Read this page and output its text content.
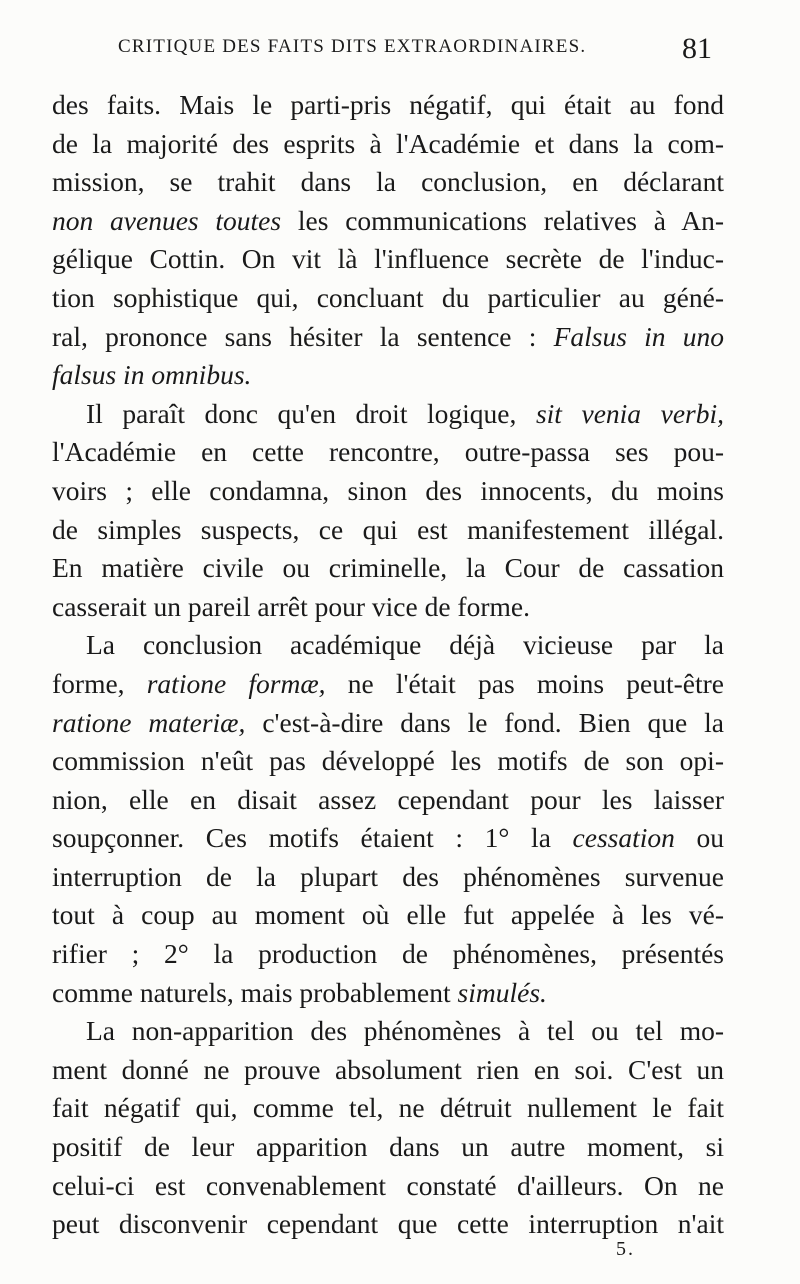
CRITIQUE DES FAITS DITS EXTRAORDINAIRES.	81
des faits. Mais le parti-pris négatif, qui était au fond
de la majorité des esprits à l'Académie et dans la com-
mission, se trahit dans la conclusion, en déclarant
non avenues toutes les communications relatives à An-
gélique Cottin. On vit là l'influence secrète de l'induc-
tion sophistique qui, concluant du particulier au géné-
ral, prononce sans hésiter la sentence : Falsus in uno
falsus in omnibus.
Il paraît donc qu'en droit logique, sit venia verbi,
l'Académie en cette rencontre, outre-passa ses pou-
voirs ; elle condamna, sinon des innocents, du moins
de simples suspects, ce qui est manifestement illégal.
En matière civile ou criminelle, la Cour de cassation
casserait un pareil arrêt pour vice de forme.
La conclusion académique déjà vicieuse par la
forme, ratione formæ, ne l'était pas moins peut-être
ratione materiæ, c'est-à-dire dans le fond. Bien que la
commission n'eût pas développé les motifs de son opi-
nion, elle en disait assez cependant pour les laisser
soupçonner. Ces motifs étaient : 1° la cessation ou
interruption de la plupart des phénomènes survenue
tout à coup au moment où elle fut appelée à les vé-
rifier ; 2° la production de phénomènes, présentés
comme naturels, mais probablement simulés.
La non-apparition des phénomènes à tel ou tel mo-
ment donné ne prouve absolument rien en soi. C'est un
fait négatif qui, comme tel, ne détruit nullement le fait
positif de leur apparition dans un autre moment, si
celui-ci est convenablement constaté d'ailleurs. On ne
peut disconvenir cependant que cette interruption n'ait
5.
